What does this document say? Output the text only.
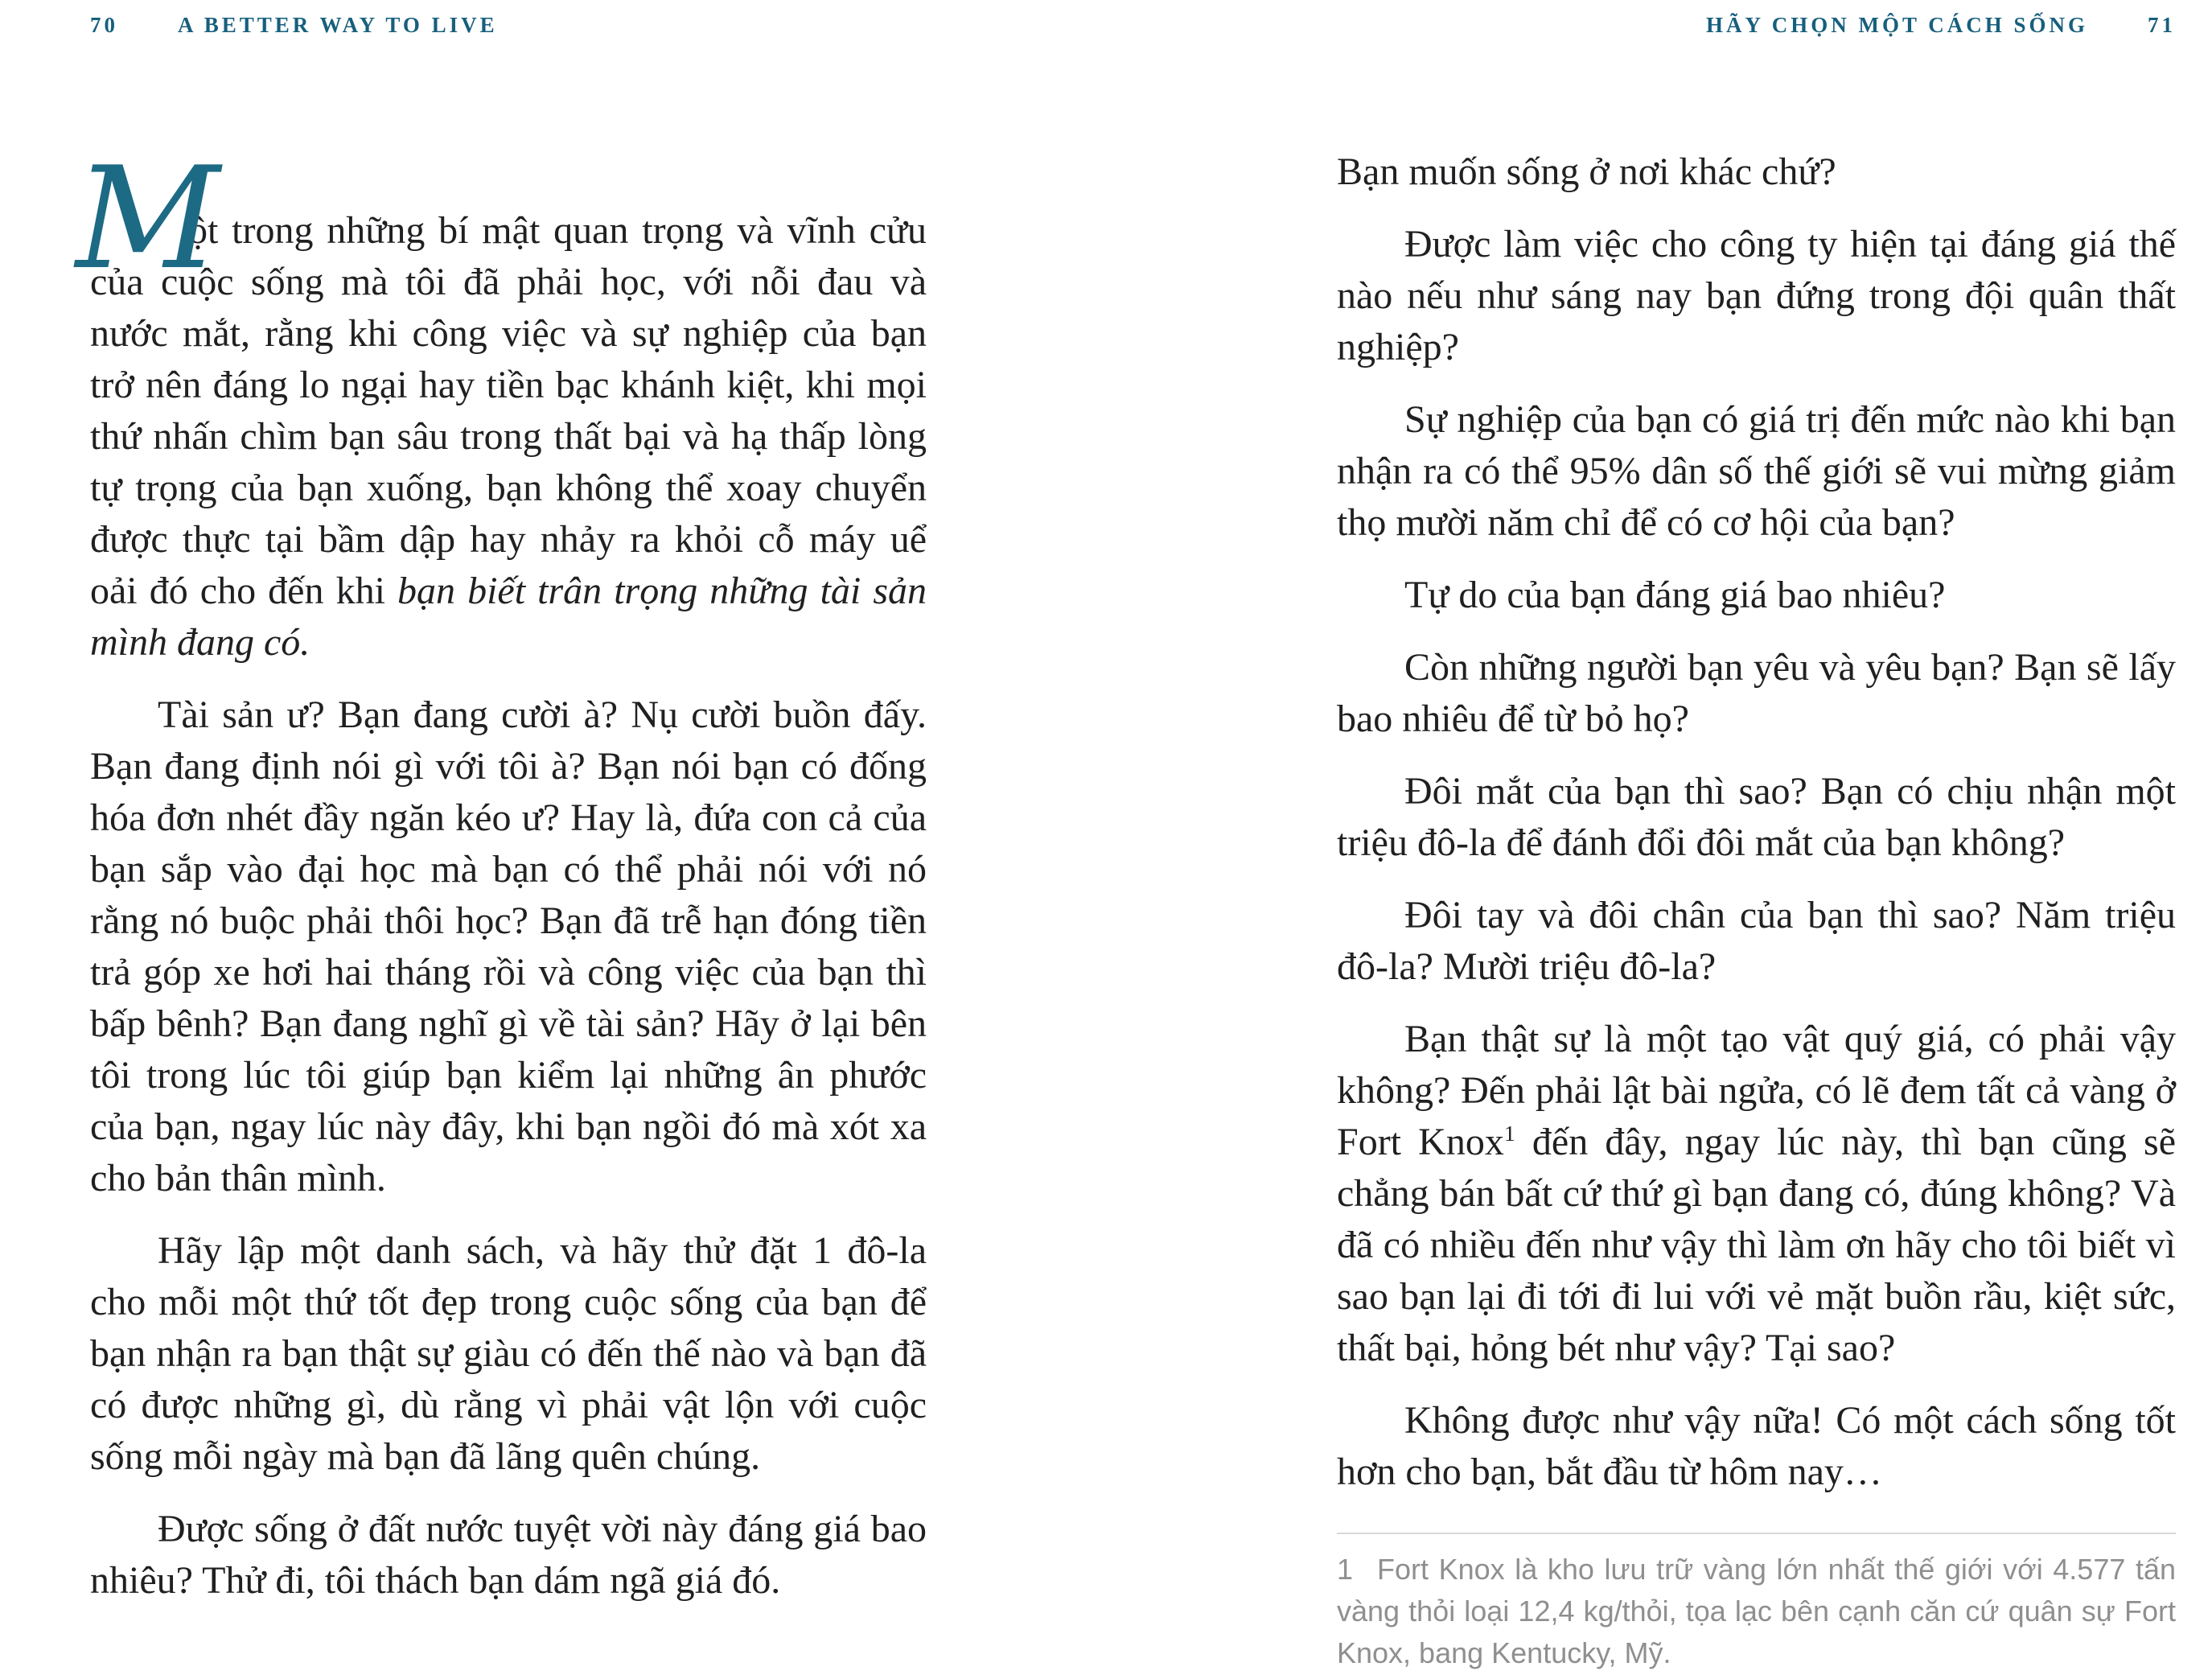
70	A BETTER WAY TO LIVE

M
ột trong những bí mật quan trọng và vĩnh cửu của cuộc sống mà tôi đã phải học, với nỗi đau và nước mắt, rằng khi công việc và sự nghiệp của bạn trở nên đáng lo ngại hay tiền bạc khánh kiệt, khi mọi thứ nhấn chìm bạn sâu trong thất bại và hạ thấp lòng tự trọng của bạn xuống, bạn không thể xoay chuyển được thực tại bầm dập hay nhảy ra khỏi cỗ máy uể oải đó cho đến khi bạn biết trân trọng những tài sản mình đang có.

Tài sản ư? Bạn đang cười à? Nụ cười buồn đấy. Bạn đang định nói gì với tôi à? Bạn nói bạn có đống hóa đơn nhét đầy ngăn kéo ư? Hay là, đứa con cả của bạn sắp vào đại học mà bạn có thể phải nói với nó rằng nó buộc phải thôi học? Bạn đã trễ hạn đóng tiền trả góp xe hơi hai tháng rồi và công việc của bạn thì bấp bênh? Bạn đang nghĩ gì về tài sản? Hãy ở lại bên tôi trong lúc tôi giúp bạn kiểm lại những ân phước của bạn, ngay lúc này đây, khi bạn ngồi đó mà xót xa cho bản thân mình.

Hãy lập một danh sách, và hãy thử đặt 1 đô-la cho mỗi một thứ tốt đẹp trong cuộc sống của bạn để bạn nhận ra bạn thật sự giàu có đến thế nào và bạn đã có được những gì, dù rằng vì phải vật lộn với cuộc sống mỗi ngày mà bạn đã lãng quên chúng.

Được sống ở đất nước tuyệt vời này đáng giá bao nhiêu? Thử đi, tôi thách bạn dám ngã giá đó.

HÃY CHỌN MỘT CÁCH SỐNG	71

Bạn muốn sống ở nơi khác chứ?

Được làm việc cho công ty hiện tại đáng giá thế nào nếu như sáng nay bạn đứng trong đội quân thất nghiệp?

Sự nghiệp của bạn có giá trị đến mức nào khi bạn nhận ra có thể 95% dân số thế giới sẽ vui mừng giảm thọ mười năm chỉ để có cơ hội của bạn?

Tự do của bạn đáng giá bao nhiêu?

Còn những người bạn yêu và yêu bạn? Bạn sẽ lấy bao nhiêu để từ bỏ họ?

Đôi mắt của bạn thì sao? Bạn có chịu nhận một triệu đô-la để đánh đổi đôi mắt của bạn không?

Đôi tay và đôi chân của bạn thì sao? Năm triệu đô-la? Mười triệu đô-la?

Bạn thật sự là một tạo vật quý giá, có phải vậy không? Đến phải lật bài ngửa, có lẽ đem tất cả vàng ở Fort Knox$^1$ đến đây, ngay lúc này, thì bạn cũng sẽ chẳng bán bất cứ thứ gì bạn đang có, đúng không? Và đã có nhiều đến như vậy thì làm ơn hãy cho tôi biết vì sao bạn lại đi tới đi lui với vẻ mặt buồn rầu, kiệt sức, thất bại, hỏng bét như vậy? Tại sao?

Không được như vậy nữa! Có một cách sống tốt hơn cho bạn, bắt đầu từ hôm nay…

1 Fort Knox là kho lưu trữ vàng lớn nhất thế giới với 4.577 tấn vàng thỏi loại 12,4 kg/thỏi, tọa lạc bên cạnh căn cứ quân sự Fort Knox, bang Kentucky, Mỹ.
